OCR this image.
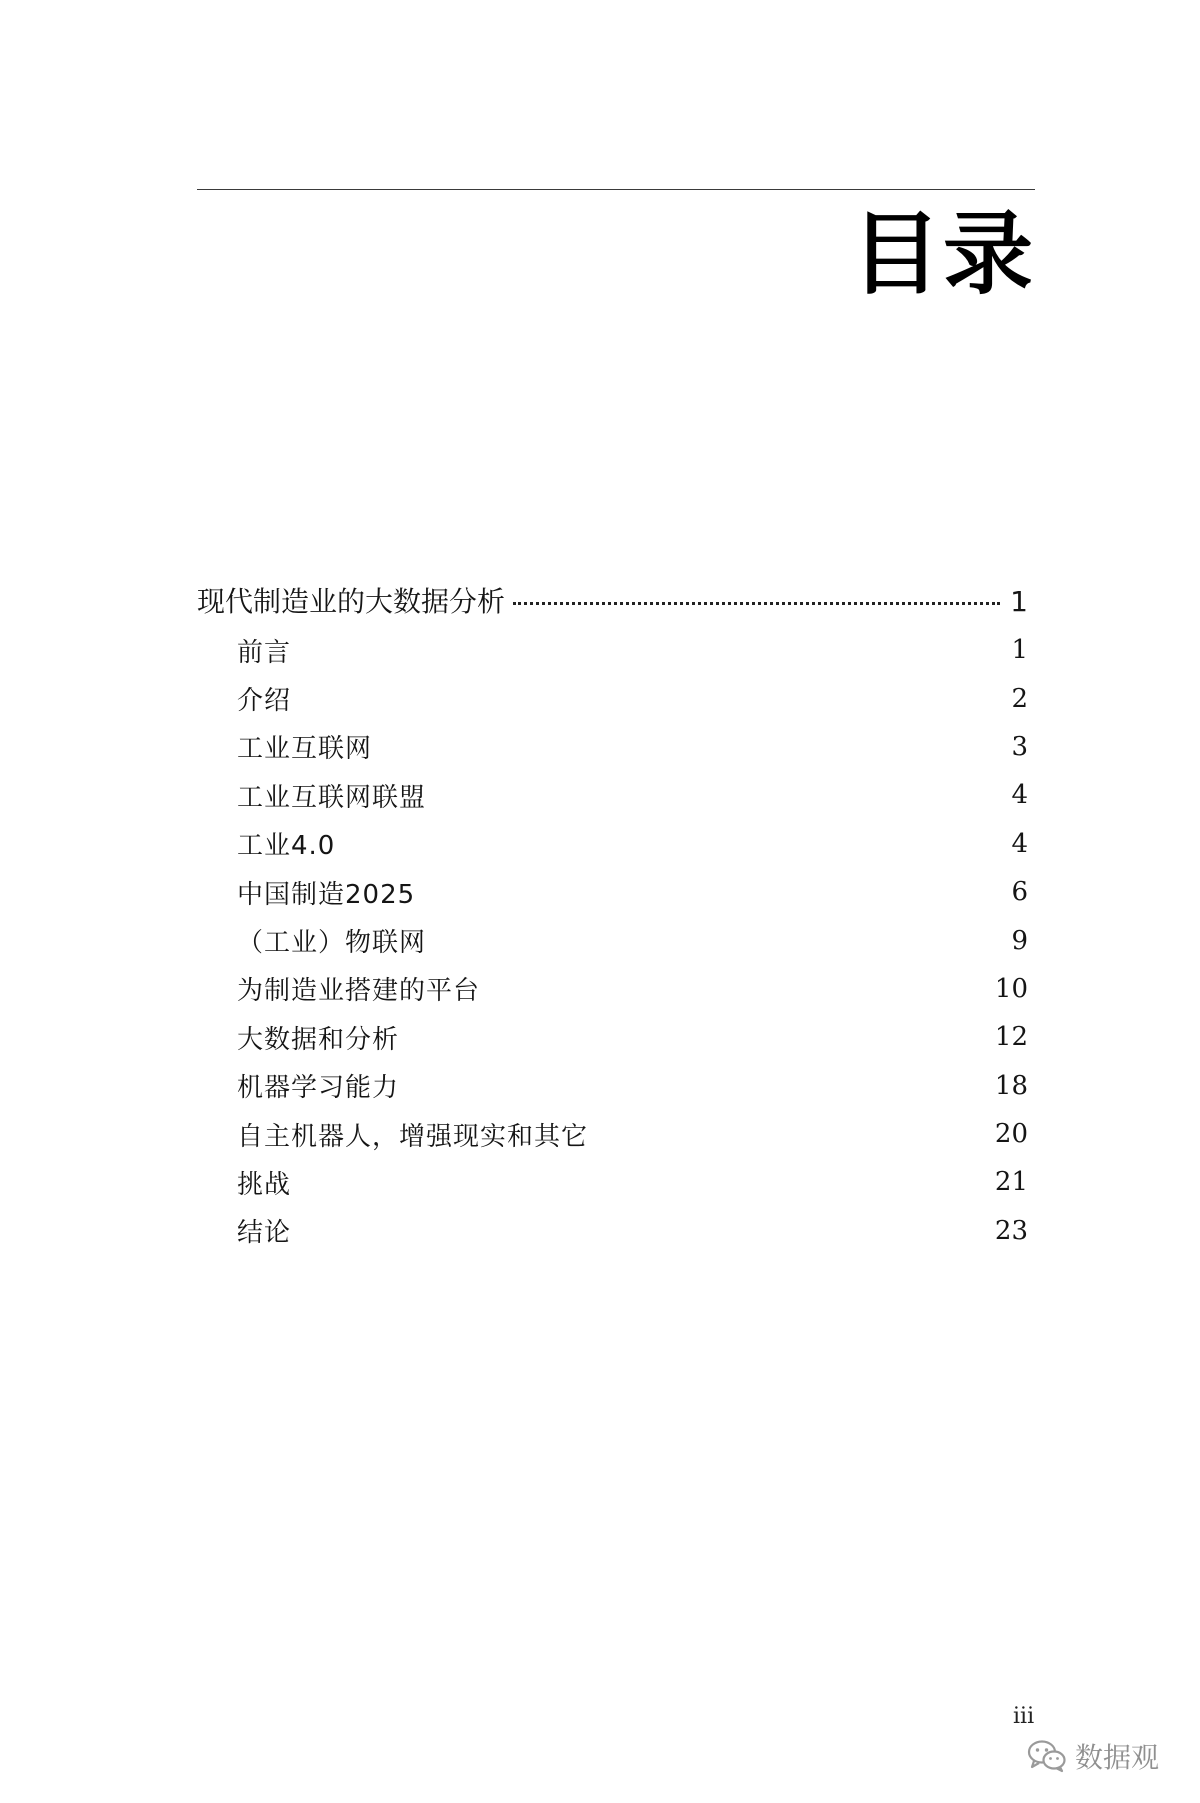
目录
现代制造业的大数据分析	1
前言	1
介绍	2
工业互联网	3
工业互联网联盟	4
工业4.0	4
中国制造2025	6
（工业）物联网	9
为制造业搭建的平台	10
大数据和分析	12
机器学习能力	18
自主机器人，增强现实和其它	20
挑战	21
结论	23
iii
数据观
